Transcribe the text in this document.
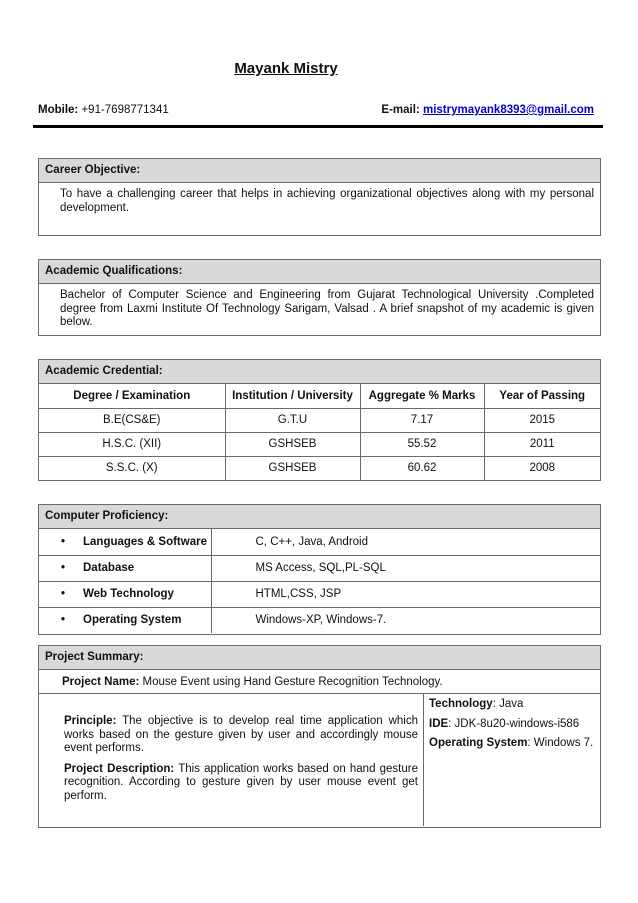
Mayank Mistry
Mobile: +91-7698771341	E-mail: mistrymayank8393@gmail.com
Career Objective:
To have a challenging career that helps in achieving organizational objectives along with my personal development.
Academic Qualifications:
Bachelor of Computer Science and Engineering from Gujarat Technological University .Completed degree from Laxmi Institute Of Technology Sarigam, Valsad . A brief snapshot of my academic is given below.
Academic Credential:
Degree / Examination	Institution / University	Aggregate % Marks	Year of Passing
B.E(CS&E)	G.T.U	7.17	2015
H.S.C. (XII)	GSHSEB	55.52	2011
S.S.C. (X)	GSHSEB	60.62	2008
Computer Proficiency:
• Languages & Software	C, C++, Java, Android
• Database	MS Access, SQL,PL-SQL
• Web Technology	HTML,CSS, JSP
• Operating System	Windows-XP, Windows-7.
Project Summary:
Project Name: Mouse Event using Hand Gesture Recognition Technology.

Principle: The objective is to develop real time application which works based on the gesture given by user and accordingly mouse event performs.

Project Description: This application works based on hand gesture recognition. According to gesture given by user mouse event get perform.

Technology: Java

IDE: JDK-8u20-windows-i586

Operating System: Windows 7.
